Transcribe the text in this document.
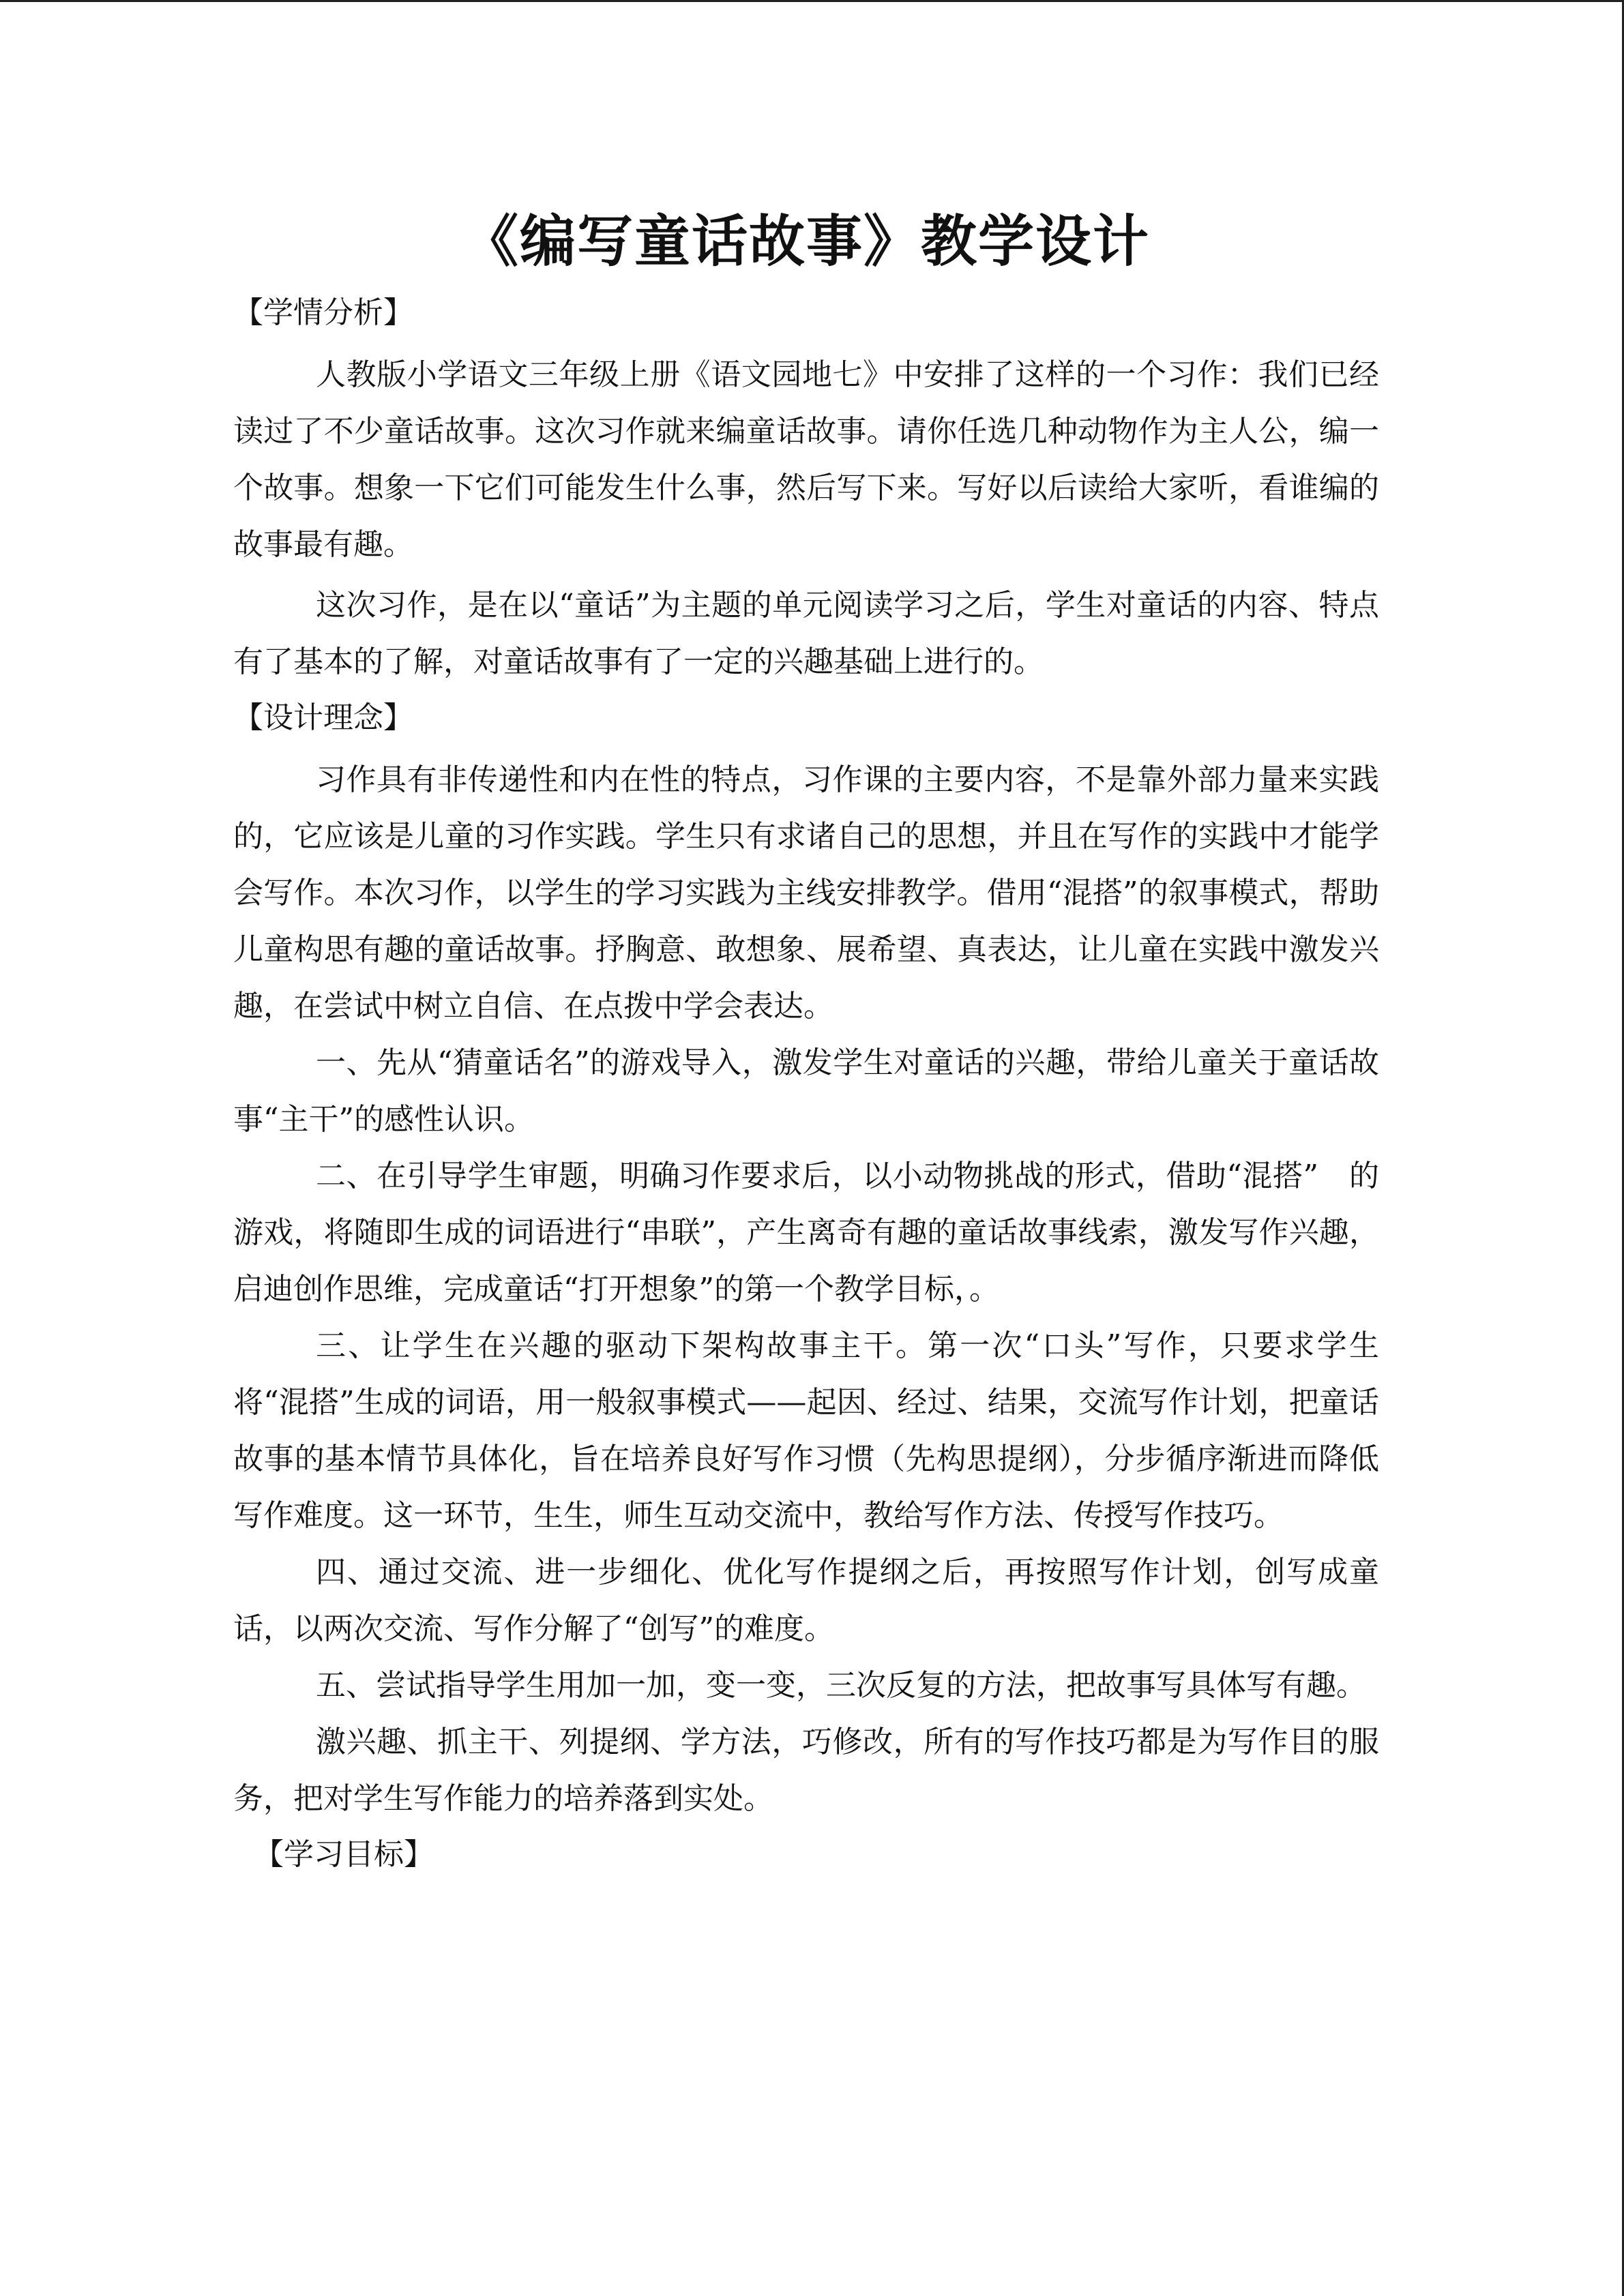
《编写童话故事》教学设计

【学情分析】

人教版小学语文三年级上册《语文园地七》中安排了这样的一个习作：我们已经读过了不少童话故事。这次习作就来编童话故事。请你任选几种动物作为主人公，编一个故事。想象一下它们可能发生什么事，然后写下来。写好以后读给大家听，看谁编的故事最有趣。

这次习作，是在以“童话”为主题的单元阅读学习之后，学生对童话的内容、特点有了基本的了解，对童话故事有了一定的兴趣基础上进行的。

【设计理念】

习作具有非传递性和内在性的特点，习作课的主要内容，不是靠外部力量来实践的，它应该是儿童的习作实践。学生只有求诸自己的思想，并且在写作的实践中才能学会写作。本次习作，以学生的学习实践为主线安排教学。借用“混搭”的叙事模式，帮助儿童构思有趣的童话故事。抒胸意、敢想象、展希望、真表达，让儿童在实践中激发兴趣，在尝试中树立自信、在点拨中学会表达。

一、先从“猜童话名”的游戏导入，激发学生对童话的兴趣，带给儿童关于童话故事“主干”的感性认识。

二、在引导学生审题，明确习作要求后，以小动物挑战的形式，借助“混搭”　的游戏，将随即生成的词语进行“串联”，产生离奇有趣的童话故事线索，激发写作兴趣，启迪创作思维，完成童话“打开想象”的第一个教学目标，。

三、让学生在兴趣的驱动下架构故事主干。第一次“口头”写作，只要求学生将“混搭”生成的词语，用一般叙事模式——起因、经过、结果，交流写作计划，把童话故事的基本情节具体化，旨在培养良好写作习惯（先构思提纲），分步循序渐进而降低写作难度。这一环节，生生，师生互动交流中，教给写作方法、传授写作技巧。

四、通过交流、进一步细化、优化写作提纲之后，再按照写作计划，创写成童话，以两次交流、写作分解了“创写”的难度。

五、尝试指导学生用加一加，变一变，三次反复的方法，把故事写具体写有趣。

激兴趣、抓主干、列提纲、学方法，巧修改，所有的写作技巧都是为写作目的服务，把对学生写作能力的培养落到实处。

【学习目标】
